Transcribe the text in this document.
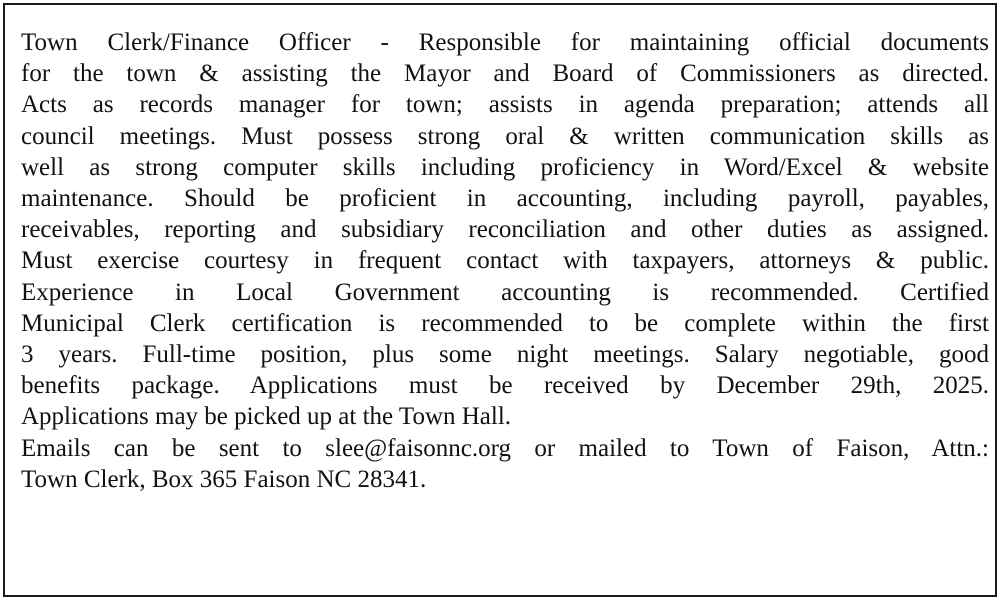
Town Clerk/Finance Officer - Responsible for maintaining official documents
for the town & assisting the Mayor and Board of Commissioners as directed.
Acts as records manager for town; assists in agenda preparation; attends all
council meetings. Must possess strong oral & written communication skills as
well as strong computer skills including proficiency in Word/Excel & website
maintenance. Should be proficient in accounting, including payroll, payables,
receivables, reporting and subsidiary reconciliation and other duties as assigned.
Must exercise courtesy in frequent contact with taxpayers, attorneys & public.
Experience in Local Government accounting is recommended. Certified
Municipal Clerk certification is recommended to be complete within the first
3 years. Full-time position, plus some night meetings. Salary negotiable, good
benefits package. Applications must be received by December 29th, 2025.
Applications may be picked up at the Town Hall.

Emails can be sent to slee@faisonnc.org or mailed to Town of Faison, Attn.:
Town Clerk, Box 365 Faison NC 28341.
